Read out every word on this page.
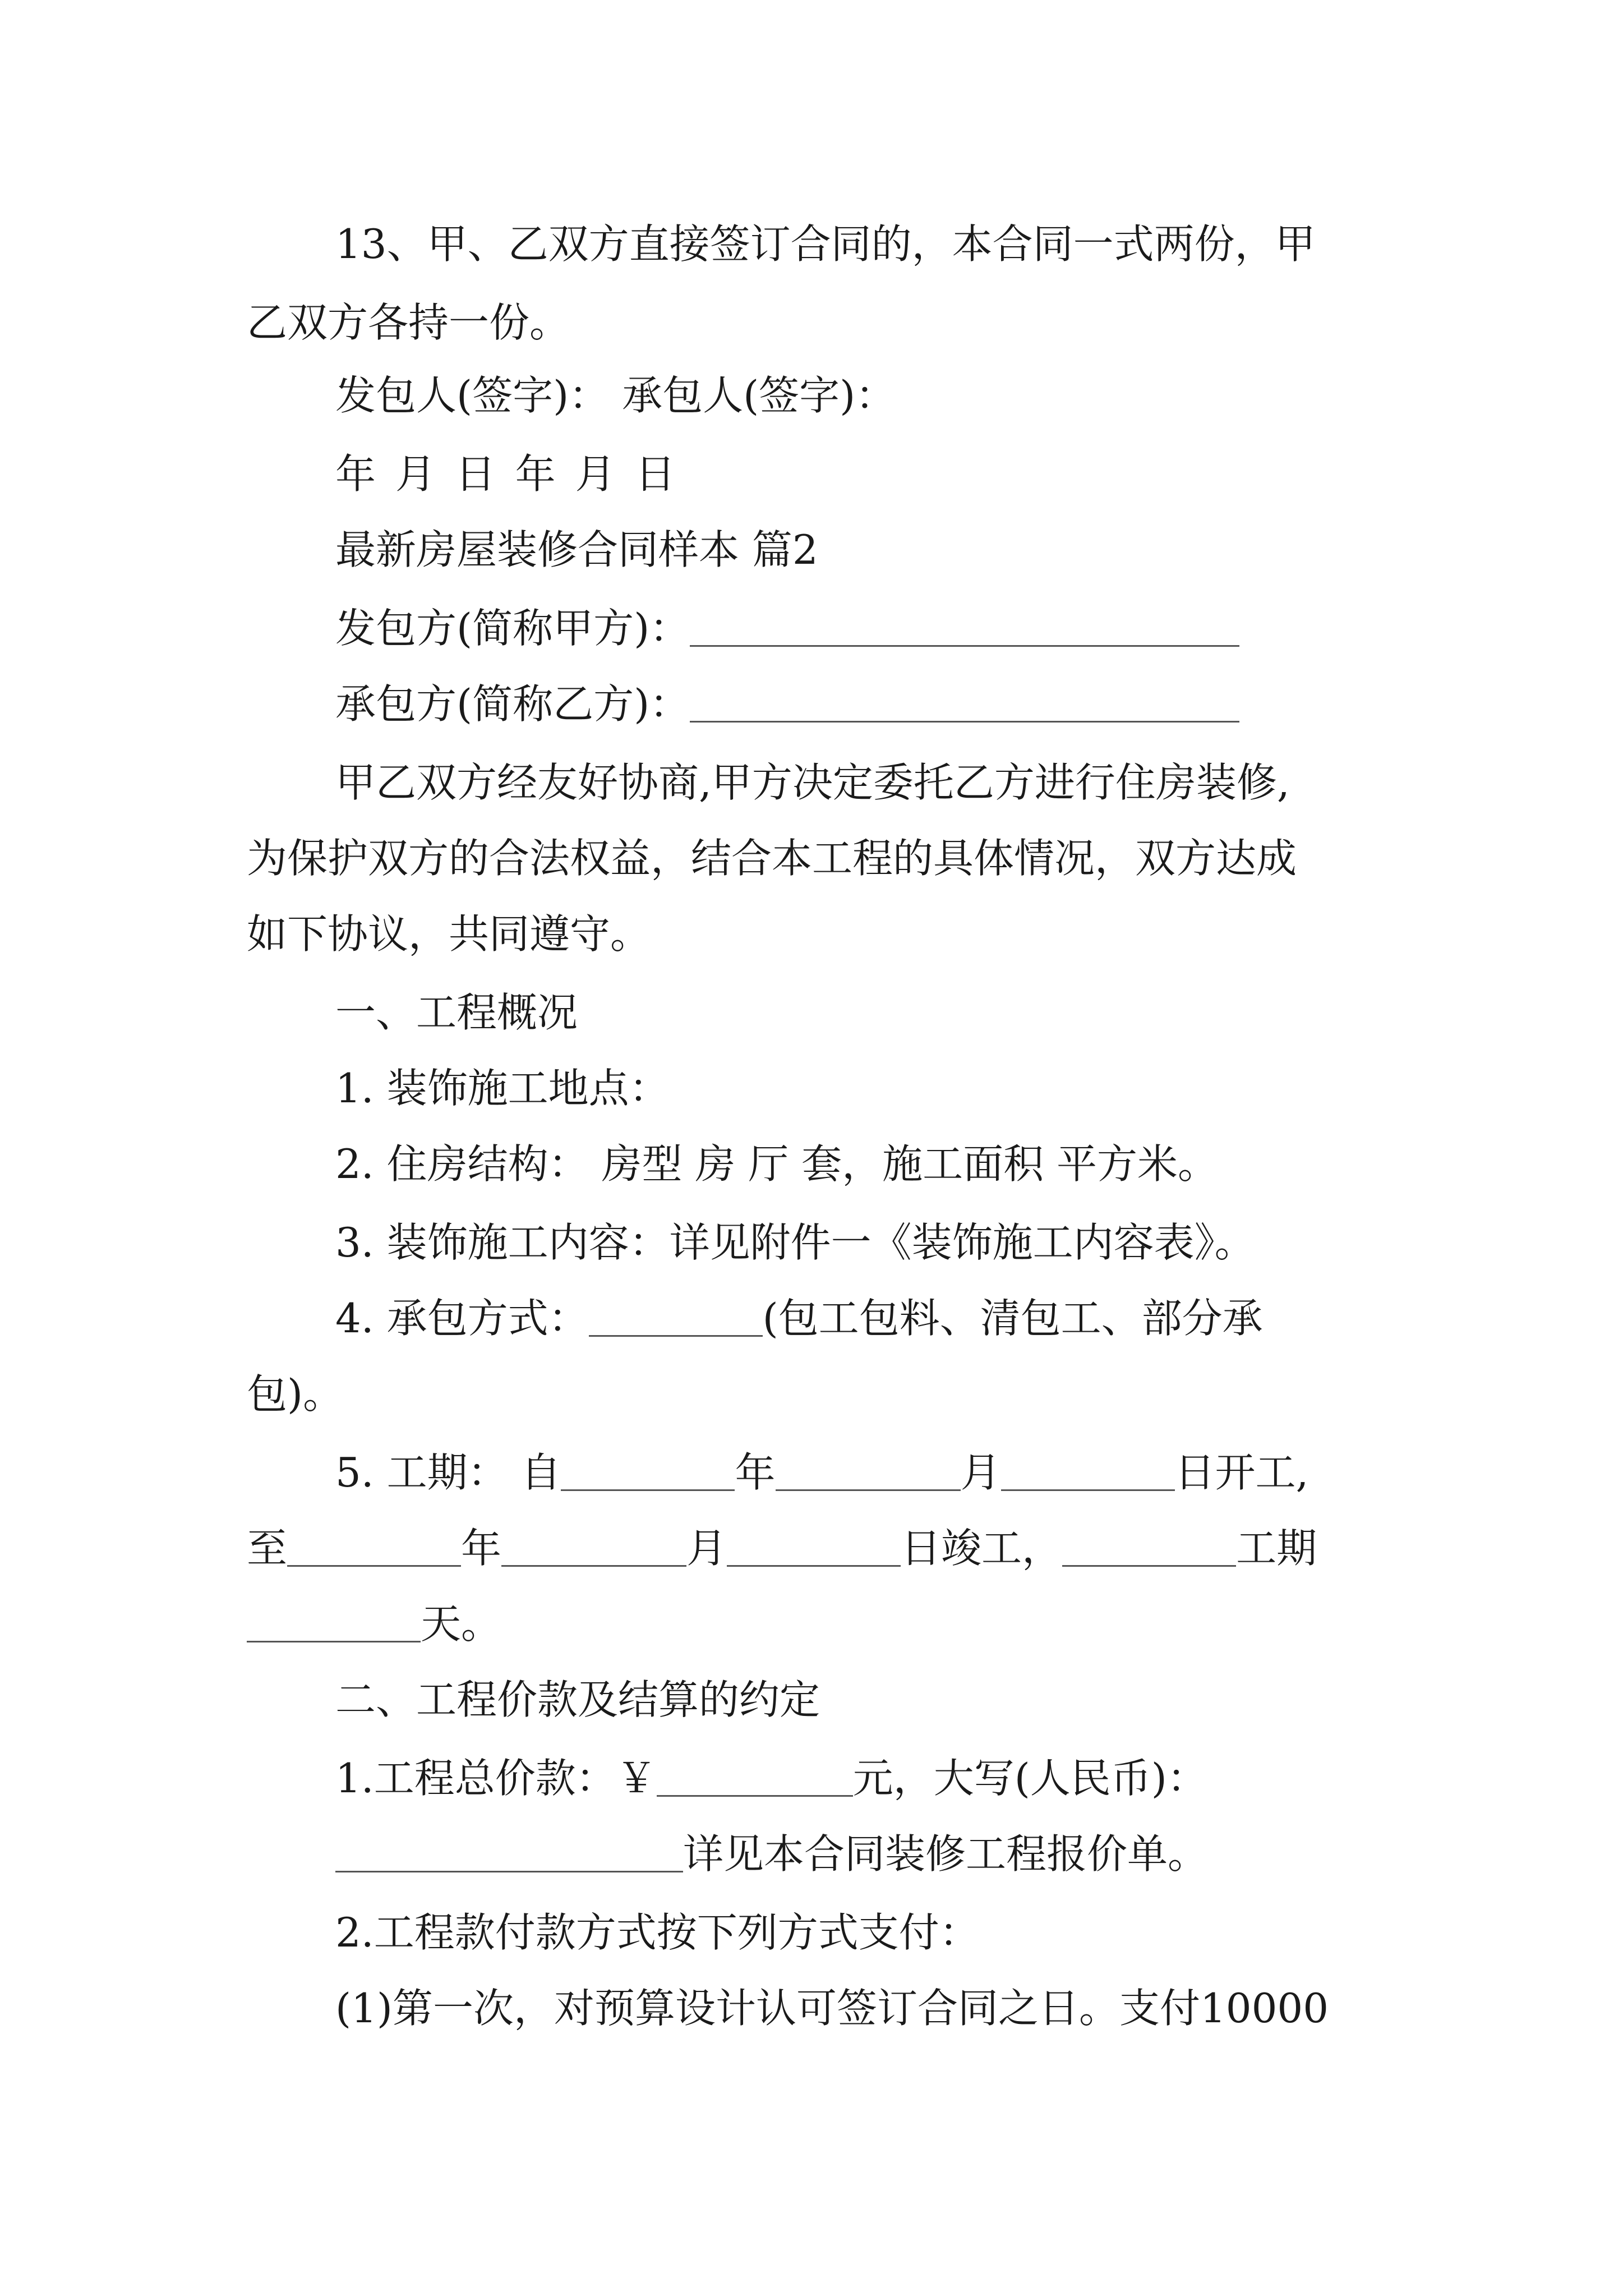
13、甲、乙双方直接签订合同的，本合同一式两份，甲
乙双方各持一份。
发包人(签字)： 承包人(签字)：
年 月 日 年 月 日
最新房屋装修合同样本 篇2
发包方(简称甲方)：
承包方(简称乙方)：
甲乙双方经友好协商,甲方决定委托乙方进行住房装修,
为保护双方的合法权益，结合本工程的具体情况，双方达成
如下协议，共同遵守。
一、工程概况
1. 装饰施工地点：
2. 住房结构： 房型 房 厅 套，施工面积 平方米。
3. 装饰施工内容：详见附件一《装饰施工内容表》。
4. 承包方式：	(包工包料、清包工、部分承
包)。
5. 工期： 自	年	月	日开工,
至	年	月	日竣工，	工期
天。
二、工程价款及结算的约定
1.工程总价款：￥	元，大写(人民币)：
详见本合同装修工程报价单。
2.工程款付款方式按下列方式支付：
(1)第一次，对预算设计认可签订合同之日。支付10000
